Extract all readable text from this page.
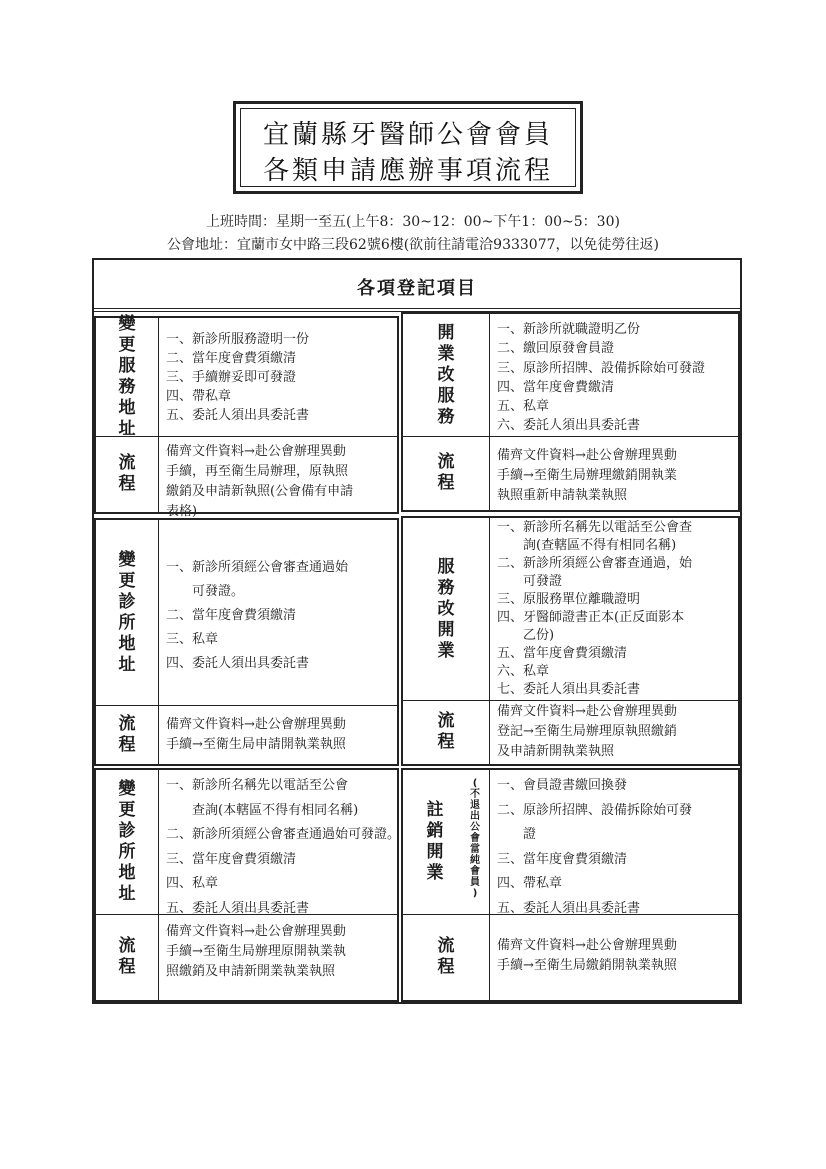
宜蘭縣牙醫師公會會員
各類申請應辦事項流程
上班時間：星期一至五(上午8：30~12：00~下午1：00~5：30)
公會地址：宜蘭市女中路三段62號6樓(欲前往請電洽9333077，以免徒勞往返)
各項登記項目
變
更
服
務
地
址
一、新診所服務證明一份
二、當年度會費須繳清
三、手續辦妥即可發證
四、帶私章
五、委託人須出具委託書
流
程
備齊文件資料→赴公會辦理異動
手續，再至衛生局辦理，原執照
繳銷及申請新執照(公會備有申請
表格)
開
業
改
服
務
一、新診所就職證明乙份
二、繳回原發會員證
三、原診所招牌、設備拆除始可發證
四、當年度會費繳清
五、私章
六、委託人須出具委託書
流
程
備齊文件資料→赴公會辦理異動
手續→至衛生局辦理繳銷開執業
執照重新申請執業執照
變
更
診
所
地
址
一、新診所須經公會審查通過始
可發證。
二、當年度會費須繳清
三、私章
四、委託人須出具委託書
流
程
備齊文件資料→赴公會辦理異動
手續→至衛生局申請開執業執照
服
務
改
開
業
一、新診所名稱先以電話至公會查
詢(查轄區不得有相同名稱)
二、新診所須經公會審查通過，始
可發證
三、原服務單位離職證明
四、牙醫師證書正本(正反面影本
乙份)
五、當年度會費須繳清
六、私章
七、委託人須出具委託書
流
程
備齊文件資料→赴公會辦理異動
登記→至衛生局辦理原執照繳銷
及申請新開執業執照
變
更
診
所
地
址
一、新診所名稱先以電話至公會
查詢(本轄區不得有相同名稱)
二、新診所須經公會審查通過始可發證。
三、當年度會費須繳清
四、私章
五、委託人須出具委託書
流
程
備齊文件資料→赴公會辦理異動
手續→至衛生局辦理原開執業執
照繳銷及申請新開業執業執照
註
銷
開
業
(
不
退
出
公
會
當
純
會
員
)
一、會員證書繳回換發
二、原診所招牌、設備拆除始可發
證
三、當年度會費須繳清
四、帶私章
五、委託人須出具委託書
流
程
備齊文件資料→赴公會辦理異動
手續→至衛生局繳銷開執業執照
